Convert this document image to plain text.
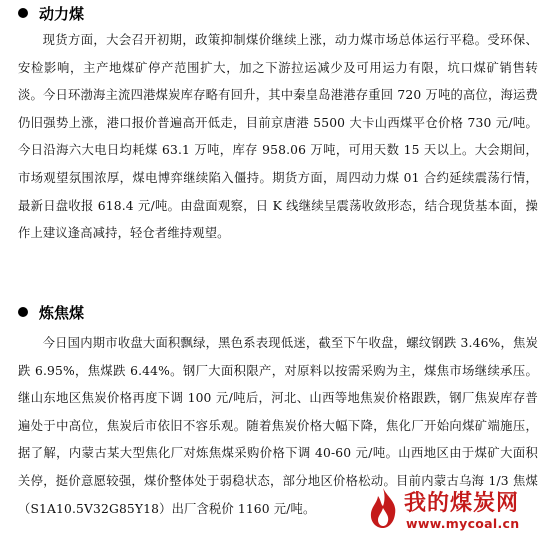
动力煤

现货方面，大会召开初期，政策抑制煤价继续上涨，动力煤市场总体运行平稳。受环保、安检影响，主产地煤矿停产范围扩大，加之下游拉运减少及可用运力有限，坑口煤矿销售转淡。今日环渤海主流四港煤炭库存略有回升，其中秦皇岛港港存重回 720 万吨的高位，海运费仍旧强势上涨，港口报价普遍高开低走，目前京唐港 5500 大卡山西煤平仓价格 730 元/吨。今日沿海六大电日均耗煤 63.1 万吨，库存 958.06 万吨，可用天数 15 天以上。大会期间，市场观望氛围浓厚，煤电博弈继续陷入僵持。期货方面，周四动力煤 01 合约延续震荡行情，最新日盘收报 618.4 元/吨。由盘面观察，日 K 线继续呈震荡收敛形态，结合现货基本面，操作上建议逢高减持，轻仓者维持观望。

炼焦煤

今日国内期市收盘大面积飘绿，黑色系表现低迷，截至下午收盘，螺纹钢跌 3.46%，焦炭跌 6.95%，焦煤跌 6.44%。钢厂大面积限产，对原料以按需采购为主，煤焦市场继续承压。继山东地区焦炭价格再度下调 100 元/吨后，河北、山西等地焦炭价格跟跌，钢厂焦炭库存普遍处于中高位，焦炭后市依旧不容乐观。随着焦炭价格大幅下降，焦化厂开始向煤矿端施压，据了解，内蒙古某大型焦化厂对炼焦煤采购价格下调 40-60 元/吨。山西地区由于煤矿大面积关停，挺价意愿较强，煤价整体处于弱稳状态，部分地区价格松动。目前内蒙古乌海 1/3 焦煤（S1A10.5V32G85Y18）出厂含税价 1160 元/吨。	我的煤炭网
www.mycoal.cn
